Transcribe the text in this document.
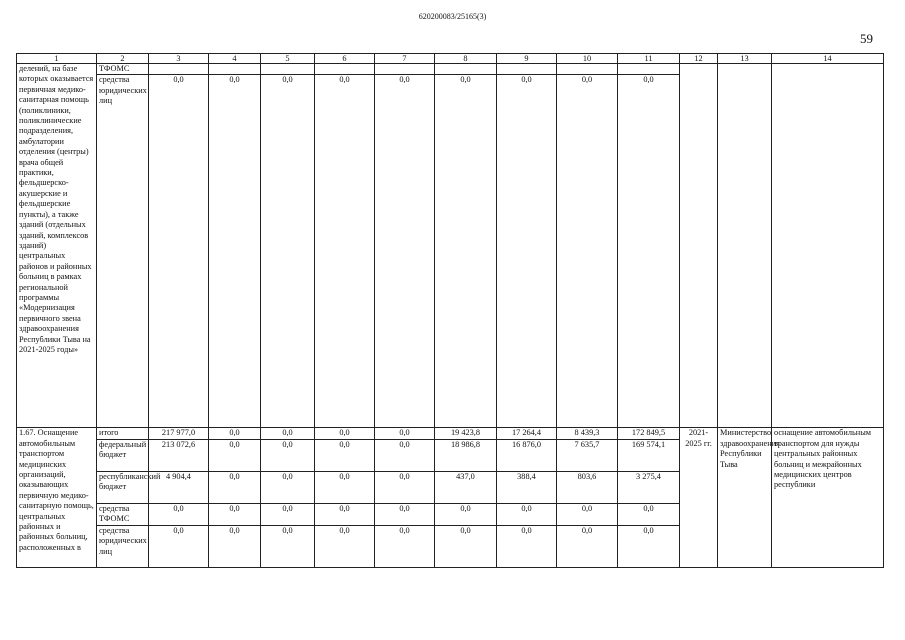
620200083/25165(3)
59
1	2	3	4	5	6	7	8	9	10	11	12	13	14
делений, на базе которых оказывается первичная медико-санитарная помощь (поликлиники, поликлинические подразделения, амбулатории отделения (центры) врача общей практики, фельдшерско-акушерские и фельдшерские пункты), а также зданий (отдельных зданий, комплексов зданий) центральных районов и районных больниц в рамках региональной программы «Модернизация первичного звена здравоохранения Республики Тыва на 2021-2025 годы»	ТФОМС												
	средства юридических лиц	0,0	0,0	0,0	0,0	0,0	0,0	0,0	0,0	0,0			
1.67. Оснащение автомобильным транспортом медицинских организаций, оказывающих первичную медико-санитарную помощь, центральных районных и районных больниц, расположенных в	итого	217 977,0	0,0	0,0	0,0	0,0	19 423,8	17 264,4	8 439,3	172 849,5	2021-2025 гг.	Министерство здравоохранения Республики Тыва	оснащение автомобильным транспортом для нужды центральных районных больниц и межрайонных медицинских центров республики
	федеральный бюджет	213 072,6	0,0	0,0	0,0	0,0	18 986,8	16 876,0	7 635,7	169 574,1			
	республиканский бюджет	4 904,4	0,0	0,0	0,0	0,0	437,0	388,4	803,6	3 275,4			
	средства ТФОМС	0,0	0,0	0,0	0,0	0,0	0,0	0,0	0,0	0,0			
	средства юридических лиц	0,0	0,0	0,0	0,0	0,0	0,0	0,0	0,0	0,0			
